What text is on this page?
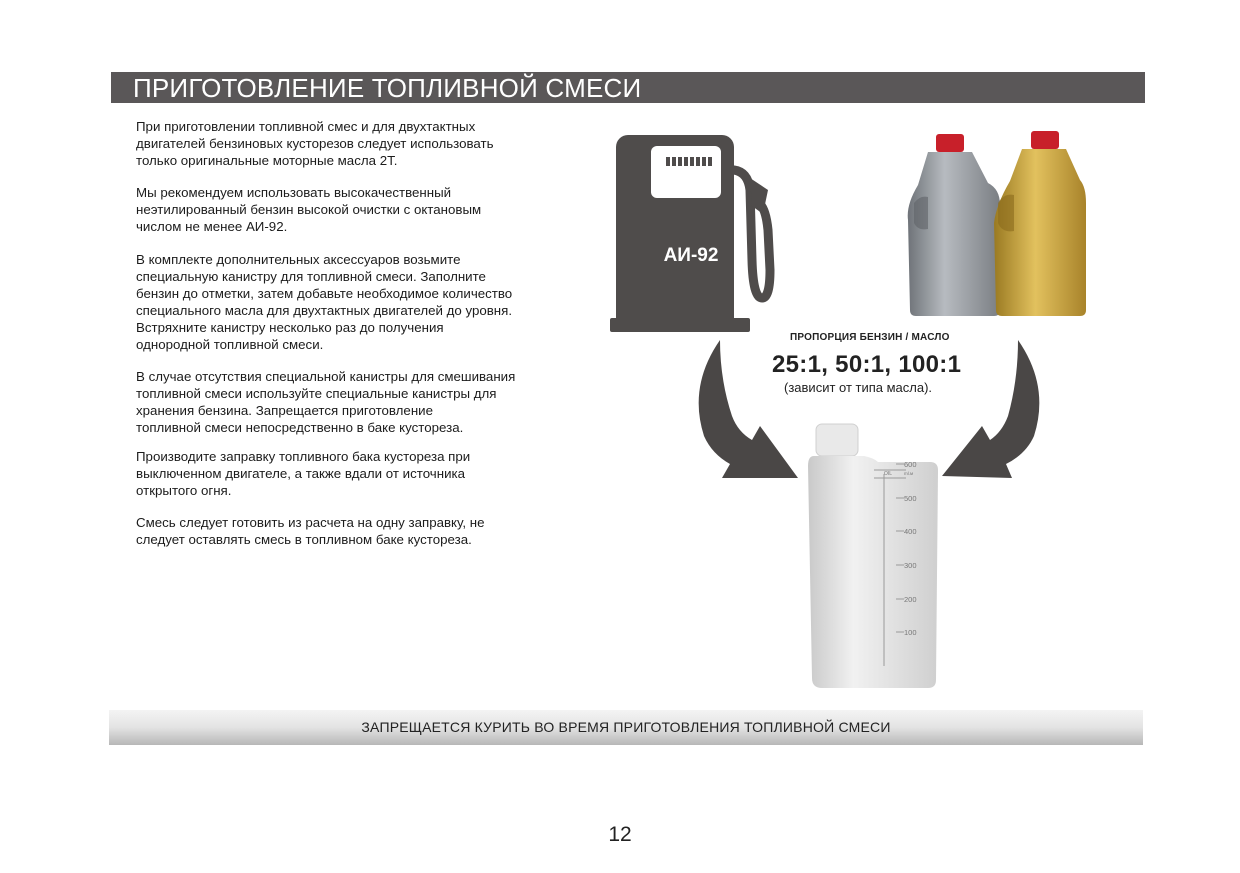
ПРИГОТОВЛЕНИЕ ТОПЛИВНОЙ СМЕСИ

При приготовлении топливной смес и для двухтактных
двигателей бензиновых кусторезов следует использовать
только оригинальные моторные масла 2Т.

Мы рекомендуем использовать высокачественный
неэтилированный бензин высокой очистки с октановым
числом не менее АИ-92.

В комплекте дополнительных аксессуаров возьмите
специальную канистру для топливной смеси. Заполните
бензин до отметки, затем добавьте необходимое количество
специального масла для двухтактных двигателей до уровня.
Встряхните канистру несколько раз до получения
однородной топливной смеси.

В случае отсутствия специальной канистры для смешивания
топливной смеси используйте специальные канистры для
хранения бензина. Запрещается приготовление
топливной смеси непосредственно в баке кустореза.

Производите заправку топливного бака кустореза при
выключенном двигателе, а также вдали от источника
открытого огня.

Смесь следует готовить из расчета на одну заправку, не
следует оставлять смесь в топливном баке кустореза.

АИ-92
ПРОПОРЦИЯ БЕНЗИН / МАСЛО
25:1, 50:1, 100:1
(зависит от типа масла).
OIL	ml.м
600
500
400
300
200
100
ЗАПРЕЩАЕТСЯ КУРИТЬ ВО ВРЕМЯ ПРИГОТОВЛЕНИЯ ТОПЛИВНОЙ СМЕСИ
12
